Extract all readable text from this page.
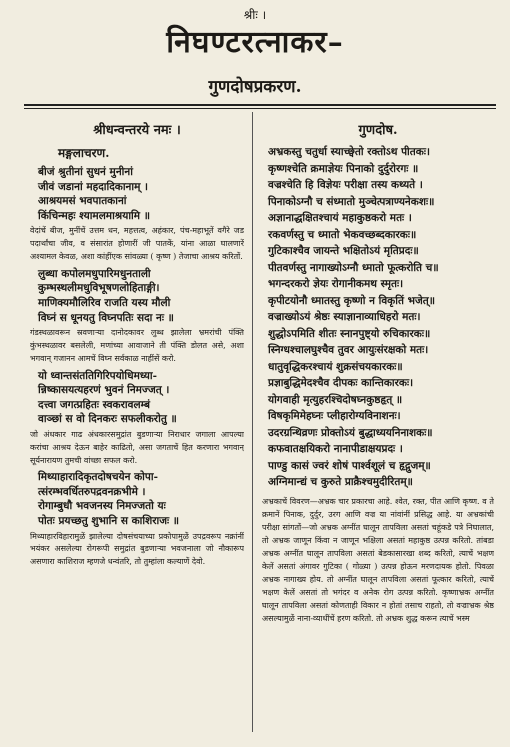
श्रीः ।
निघण्टरत्नाकर–
गुणदोषप्रकरण.
श्रीधन्वन्तरये नमः ।
मङ्गलाचरण.
बीजं श्रुतीनां सुधनं मुनीनां
जीवं जडानां महदादिकानाम् ।
आश्रयमसं भवपातकानां
किंचिन्महः श्यामलमाश्रयामि ॥
वेदांचें बीज, मुनींचें उत्तम धन, महत्तत्व, अहंकार, पंच-महाभूतें वगैरे जड पदार्थांचा जीव, व संसारांत होणारीं जी पातकें, यांना आळा घालणारें अश्यामल केवळ, अशा कांहींएक सांवळ्या ( कृष्ण ) तेजाचा आश्रय करितों.
लुब्धा कपोलमधुपारिमधुनताली
कुम्भस्थलीमधुविभूषणलोहिताङ्गी।
माणिक्यमौलिरिव राजति यस्य मौली
विघ्नं स धूनयतु विघ्नपतिः सदा नः ॥
गंडस्थळावरून स्रवणाऱ्या दानोदकावर लुब्ध झालेला भ्रमरांची पंक्ति कुंभस्थळावर बसलेली, मणांच्या आवाजाने ती पंक्ति डोलत असे, अशा भगवान् गजानन आमचें विघ्न सर्वकाळ नाहींसें करो.
यो ध्वान्तसंततिगिरिपयोधिमध्या-
न्निष्कासयत्यहरणं भुवनं निमज्जत् ।
दत्त्वा जगत्प्रहितः स्वकरावलम्बं
वाञ्छां स वो दिनकरः सफलीकरोतु ॥
जो अंधकार गाढ अंधकारसमुद्रांत बुडणाऱ्या निराधार जगाला आपल्या करांचा आश्रय देऊन बाहेर काढितो, असा जगताचें हित करणारा भगवान् सूर्यनारायण तुमची वांच्छा सफल करो.
मिथ्याहारादिकृतदोषचयेन कोपा-
त्संरम्भवर्धितरुपद्रवनक्रभीमे ।
रोगाम्बुधौ भवजनस्य निमज्जतो यः
पोतः प्रयच्छतु शुभानि स काशिराजः ॥
मिथ्याहारविहारामुळें झालेल्या दोषसंचयाच्या प्रकोपामुळें उपद्रवरूप नक्रांनीं भयंकर असलेल्या रोगरूपी समुद्रांत बुडणाऱ्या भवजनाला जो नौकारूप असणारा काशिराज म्हणजे धन्वंतरि, तो तुम्हांला कल्याणें देवो.
गुणदोष.
अभ्रकस्तु चतुर्धा स्याच्छ्वेतो रक्तोऽथ पीतकः।
कृष्णश्चेति क्रमाज्ञेयः पिनाको दुर्दुरोरगः ॥
वज्रश्चेति हि विज्ञेयः परीक्षा तस्य कथ्यते ।
पिनाकोऽग्नौ च संध्मातो मुञ्चेत्पत्राण्यनेकशः॥
अज्ञानाद्धक्षितश्चायं महाकुष्ठकरो मतः ।
रकवर्णस्तु च ध्मातो भेकवच्छब्दकारकः॥
गुटिकाश्चैव जायन्ते भक्षितोऽयं मृतिप्रदः॥
पीतवर्णस्तु नागाख्योऽग्नौ ध्मातो फूत्करोति च॥
भगन्दरकरो ज्ञेयः रोगानीकमथ स्मृतः।
कृपीटयोनौ ध्मातस्तु कृष्णो न विकृतिं भजेत्॥
वज्राख्योऽयं श्रेष्ठः स्याज्ञानाव्याधिहरो मतः।
शुद्धोऽपमिति शीतः स्नानपुष्ट्यो रुचिकारकः॥
स्निग्धश्चालघुश्चैव तुवर आयुःसंरक्षको मतः।
धातुवृद्धिकरश्चायं शुक्रसंचयकारकः॥
प्रज्ञाबुद्धिमेदश्चैव दीपकः कान्तिकारकः।
योगवाही मृत्युहरश्चिदोषघ्नकुष्ठहृत् ॥
विषकृमिमेहघ्नः प्लीहारोग्यविनाशनः।
उदरग्रन्थिव्रणः प्रोक्तोऽयं बुद्धाध्ययनिनाशकः॥
कफवातक्षयिकरो नानापीडाक्षयप्रदः ।
पाण्डु कासं ज्वरं शोषं पार्श्वशूलं च हृद्गुजम्॥
अग्निमान्द्यं च कुरुते प्राक्रैश्चमुदीरितम्॥
अभ्रकाचें विवरण—अभ्रक चार प्रकारचा आहे. श्वेत, रक्त, पीत आणि कृष्ण. व ते क्रमानें पिनाक, दुर्दुर, उरग आणि वज्र या नांवांनीं प्रसिद्ध आहे. या अभ्रकांची परीक्षा सांगतों—जो अभ्रक अग्नींत घालून तापविला असतां चहूंकडे पत्रे निघालात, तो अभ्रक जाणून किंवा न जाणून भक्षिला असतां महाकुष्ठ उत्पन्न करितो. तांबडा अभ्रक अग्नींत घालून तापविला असतां बेडकासारखा शब्द करितो, त्याचें भक्षण केलें असतां अंगावर गुटिका ( गोळ्या ) उत्पन्न होऊन मरणदायक होतो. पिवळा अभ्रक नागाख्य होय. तो अग्नींत घालून तापविला असतां फूत्कार करितो, त्याचें भक्षण केलें असतां तो भगंदर व अनेक रोग उत्पन्न करितो. कृष्णाभ्रक अग्नींत घालून तापविला असतां कोणताही विकार न होतां तसाच राहतो, तो वज्राभ्रक श्रेष्ठ असल्यामुळें नाना-व्याधींचें हरण करितो. तो अभ्रक शुद्ध करून त्याचें भस्म
